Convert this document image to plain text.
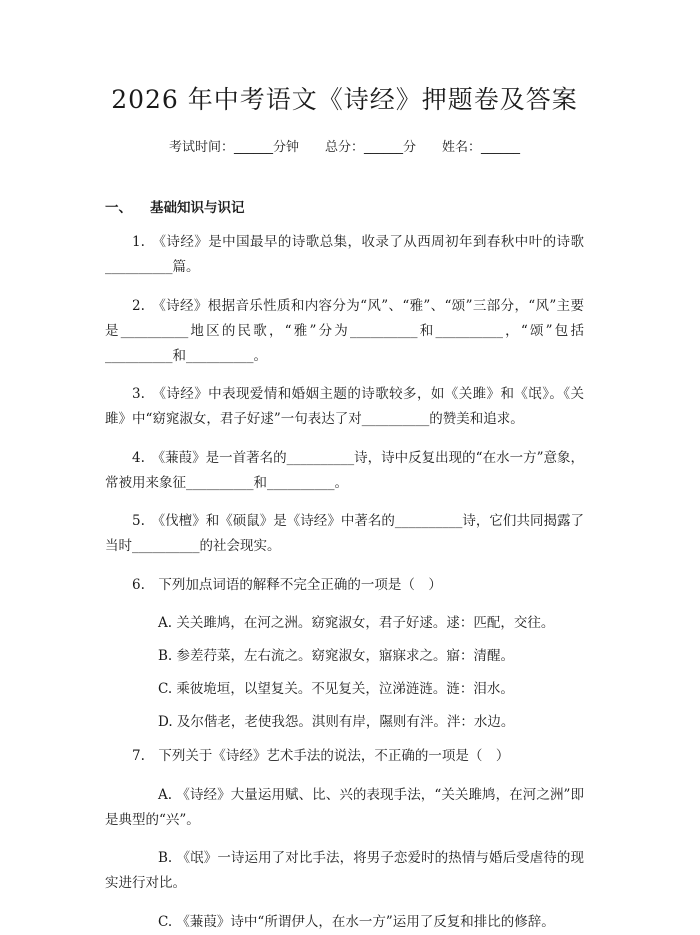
2026 年中考语文《诗经》押题卷及答案
考试时间：______分钟 总分：______分 姓名：______
一、 基础知识与识记

1.　《诗经》是中国最早的诗歌总集，收录了从西周初年到春秋中叶的诗歌__________篇。

2.　《诗经》根据音乐性质和内容分为“风”、“雅”、“颂”三部分，“风”主要是__________地区的民歌，“雅”分为__________和__________，“颂”包括__________和__________。

3.　《诗经》中表现爱情和婚姻主题的诗歌较多，如《关雎》和《氓》。《关雎》中“窈窕淑女，君子好逑”一句表达了对__________的赞美和追求。

4.　《蒹葭》是一首著名的__________诗，诗中反复出现的“在水一方”意象，常被用来象征__________和__________。

5.　《伐檀》和《硕鼠》是《诗经》中著名的__________诗，它们共同揭露了当时__________的社会现实。

6.　下列加点词语的解释不完全正确的一项是（　）

A. 关关雎鸠，在河之洲。窈窕淑女，君子好逑。逑：匹配，交往。
B. 参差荇菜，左右流之。窈窕淑女，寤寐求之。寤：清醒。
C. 乘彼垝垣，以望复关。不见复关，泣涕涟涟。涟：泪水。
D. 及尔偕老，老使我怨。淇则有岸，隰则有泮。泮：水边。

7.　下列关于《诗经》艺术手法的说法，不正确的一项是（　）

A. 《诗经》大量运用赋、比、兴的表现手法，“关关雎鸠，在河之洲”即是典型的“兴”。

B. 《氓》一诗运用了对比手法，将男子恋爱时的热情与婚后受虐待的现实进行对比。

C. 《蒹葭》诗中“所谓伊人，在水一方”运用了反复和排比的修辞。
